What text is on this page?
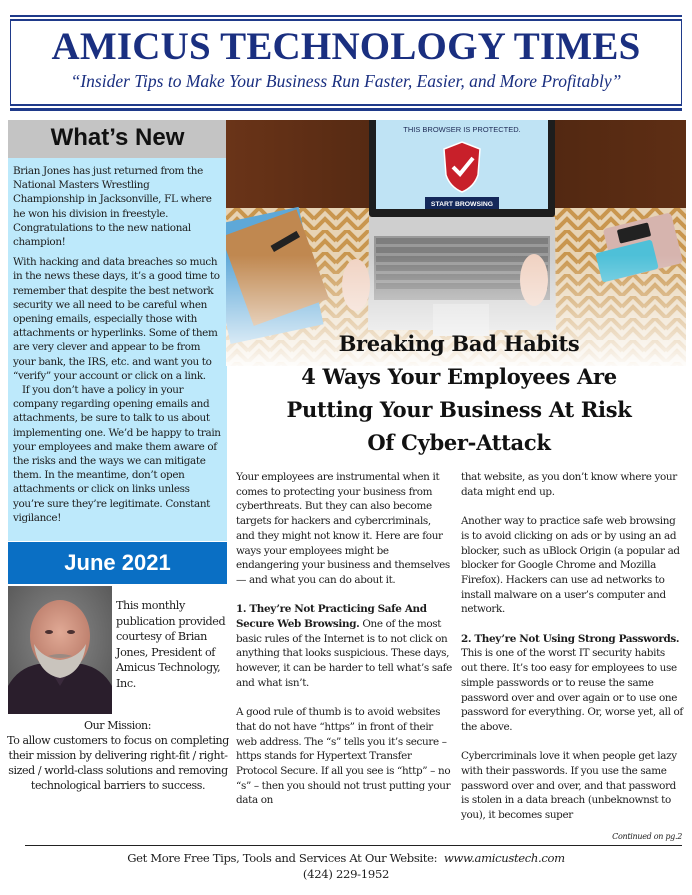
AMICUS TECHNOLOGY TIMES
“Insider Tips to Make Your Business Run Faster, Easier, and More Profitably”
What’s New

Brian Jones has just returned from the National Masters Wrestling Championship in Jacksonville, FL where he won his division in freestyle. Congratulations to the new national champion!

With hacking and data breaches so much in the news these days, it’s a good time to remember that despite the best network security we all need to be careful when opening emails, especially those with attachments or hyperlinks. Some of them are very clever and appear to be from your bank, the IRS, etc. and want you to “verify” your account or click on a link.

If you don’t have a policy in your company regarding opening emails and attachments, be sure to talk to us about implementing one. We’d be happy to train your employees and make them aware of the risks and the ways we can mitigate them. In the meantime, don’t open attachments or click on links unless you’re sure they’re legitimate. Constant vigilance!

June 2021
This monthly publication provided courtesy of Brian Jones, President of Amicus Technology, Inc.
Our Mission:
To allow customers to focus on completing their mission by delivering right-fit / right-sized / world-class solutions and removing technological barriers to success.
Breaking Bad Habits
4 Ways Your Employees Are
Putting Your Business At Risk
Of Cyber-Attack

Your employees are instrumental when it comes to protecting your business from cyberthreats. But they can also become targets for hackers and cybercriminals, and they might not know it. Here are four ways your employees might be endangering your business and themselves — and what you can do about it.

1. They’re Not Practicing Safe And Secure Web Browsing. One of the most basic rules of the Internet is to not click on anything that looks suspicious. These days, however, it can be harder to tell what’s safe and what isn’t.

A good rule of thumb is to avoid websites that do not have “https” in front of their web address. The “s” tells you it’s secure – https stands for Hypertext Transfer Protocol Secure. If all you see is “http” – no “s” – then you should not trust putting your data on

that website, as you don’t know where your data might end up.

Another way to practice safe web browsing is to avoid clicking on ads or by using an ad blocker, such as uBlock Origin (a popular ad blocker for Google Chrome and Mozilla Firefox). Hackers can use ad networks to install malware on a user’s computer and network.

2. They’re Not Using Strong Passwords. This is one of the worst IT security habits out there. It’s too easy for employees to use simple passwords or to reuse the same password over and over again or to use one password for everything. Or, worse yet, all of the above.

Cybercriminals love it when people get lazy with their passwords. If you use the same password over and over, and that password is stolen in a data breach (unbeknownst to you), it becomes super

Continued on pg.2
Get More Free Tips, Tools and Services At Our Website:  www.amicustech.com
(424) 229-1952
